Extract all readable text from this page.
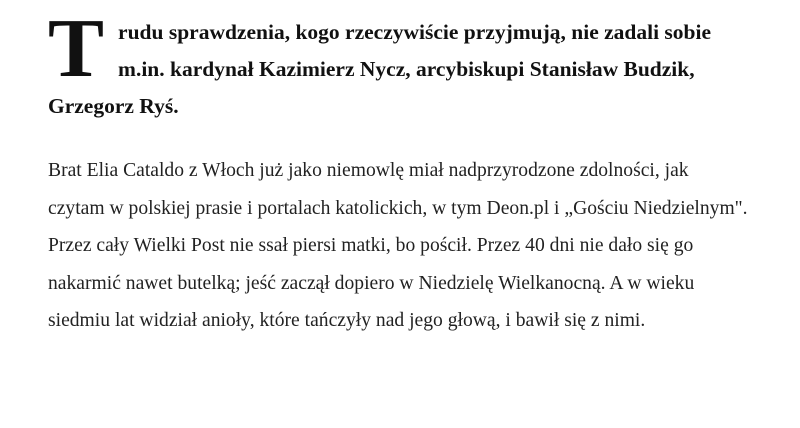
Trudu sprawdzenia, kogo rzeczywiście przyjmują, nie zadali sobie m.in. kardynał Kazimierz Nycz, arcybiskupi Stanisław Budzik, Grzegorz Ryś.

Brat Elia Cataldo z Włoch już jako niemowlę miał nadprzyrodzone zdolności, jak czytam w polskiej prasie i portalach katolickich, w tym Deon.pl i „Gościu Niedzielnym". Przez cały Wielki Post nie ssał piersi matki, bo pościł. Przez 40 dni nie dało się go nakarmić nawet butelką; jeść zaczął dopiero w Niedzielę Wielkanocną. A w wieku siedmiu lat widział anioły, które tańczyły nad jego głową, i bawił się z nimi.
